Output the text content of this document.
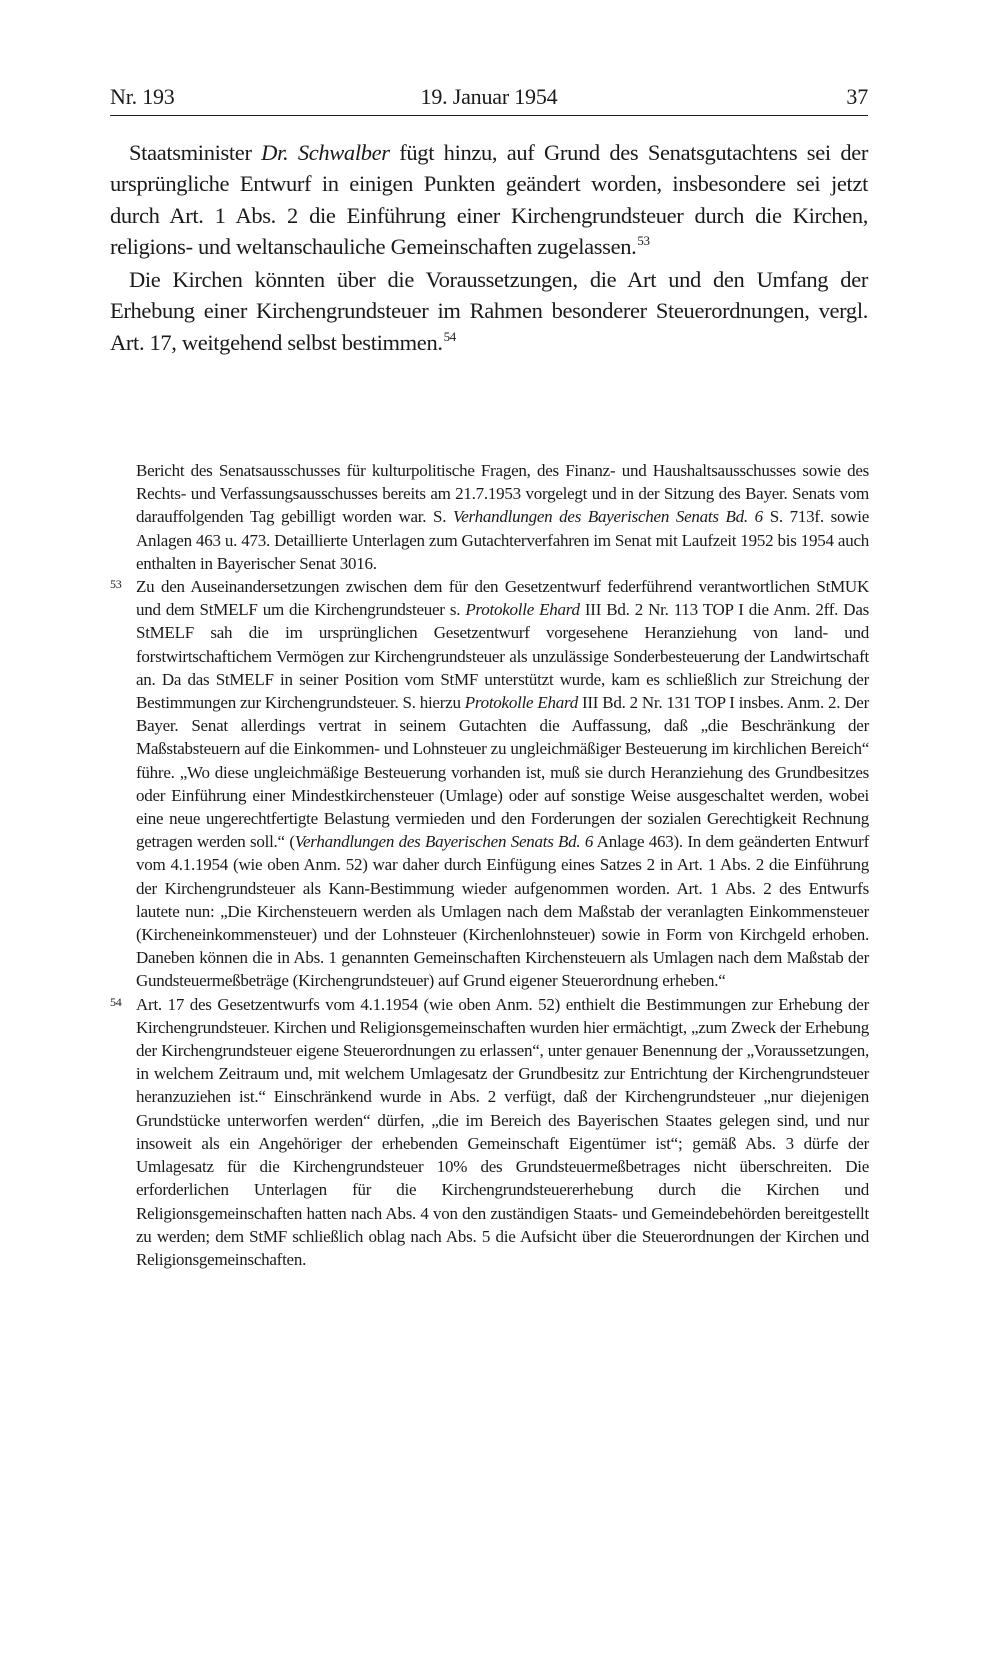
Nr. 193	19. Januar 1954	37

Staatsminister Dr. Schwalber fügt hinzu, auf Grund des Senatsgutachtens sei der ursprüngliche Entwurf in einigen Punkten geändert worden, insbesondere sei jetzt durch Art. 1 Abs. 2 die Einführung einer Kirchengrundsteuer durch die Kirchen, religions- und weltanschauliche Gemeinschaften zugelassen.$^{53}$

Die Kirchen könnten über die Voraussetzungen, die Art und den Umfang der Erhebung einer Kirchengrundsteuer im Rahmen besonderer Steuerordnungen, vergl. Art. 17, weitgehend selbst bestimmen.$^{54}$

Bericht des Senatsausschusses für kulturpolitische Fragen, des Finanz- und Haushaltsausschusses sowie des Rechts- und Verfassungsausschusses bereits am 21.7.1953 vorgelegt und in der Sitzung des Bayer. Senats vom darauffolgenden Tag gebilligt worden war. S. Verhandlungen des Bayerischen Senats Bd. 6 S. 713f. sowie Anlagen 463 u. 473. Detaillierte Unterlagen zum Gutachterverfahren im Senat mit Laufzeit 1952 bis 1954 auch enthalten in Bayerischer Senat 3016.

53 Zu den Auseinandersetzungen zwischen dem für den Gesetzentwurf federführend verantwortlichen StMUK und dem StMELF um die Kirchengrundsteuer s. Protokolle Ehard III Bd. 2 Nr. 113 TOP I die Anm. 2ff. Das StMELF sah die im ursprünglichen Gesetzentwurf vorgesehene Heranziehung von land- und forstwirtschaftichem Vermögen zur Kirchengrundsteuer als unzulässige Sonderbesteuerung der Landwirtschaft an. Da das StMELF in seiner Position vom StMF unterstützt wurde, kam es schließlich zur Streichung der Bestimmungen zur Kirchengrundsteuer. S. hierzu Protokolle Ehard III Bd. 2 Nr. 131 TOP I insbes. Anm. 2. Der Bayer. Senat allerdings vertrat in seinem Gutachten die Auffassung, daß „die Beschränkung der Maßstabsteuern auf die Einkommen- und Lohnsteuer zu ungleichmäßiger Besteuerung im kirchlichen Bereich“ führe. „Wo diese ungleichmäßige Besteuerung vorhanden ist, muß sie durch Heranziehung des Grundbesitzes oder Einführung einer Mindestkirchensteuer (Umlage) oder auf sonstige Weise ausgeschaltet werden, wobei eine neue ungerechtfertigte Belastung vermieden und den Forderungen der sozialen Gerechtigkeit Rechnung getragen werden soll.“ (Verhandlungen des Bayerischen Senats Bd. 6 Anlage 463). In dem geänderten Entwurf vom 4.1.1954 (wie oben Anm. 52) war daher durch Einfügung eines Satzes 2 in Art. 1 Abs. 2 die Einführung der Kirchengrundsteuer als Kann-Bestimmung wieder aufgenommen worden. Art. 1 Abs. 2 des Entwurfs lautete nun: „Die Kirchensteuern werden als Umlagen nach dem Maßstab der veranlagten Einkommensteuer (Kircheneinkommensteuer) und der Lohnsteuer (Kirchenlohnsteuer) sowie in Form von Kirchgeld erhoben. Daneben können die in Abs. 1 genannten Gemeinschaften Kirchensteuern als Umlagen nach dem Maßstab der Gundsteuermeßbeträge (Kirchengrundsteuer) auf Grund eigener Steuerordnung erheben.“

54 Art. 17 des Gesetzentwurfs vom 4.1.1954 (wie oben Anm. 52) enthielt die Bestimmungen zur Erhebung der Kirchengrundsteuer. Kirchen und Religionsgemeinschaften wurden hier ermächtigt, „zum Zweck der Erhebung der Kirchengrundsteuer eigene Steuerordnungen zu erlassen“, unter genauer Benennung der „Voraussetzungen, in welchem Zeitraum und, mit welchem Umlagesatz der Grundbesitz zur Entrichtung der Kirchengrundsteuer heranzuziehen ist.“ Einschränkend wurde in Abs. 2 verfügt, daß der Kirchengrundsteuer „nur diejenigen Grundstücke unterworfen werden“ dürfen, „die im Bereich des Bayerischen Staates gelegen sind, und nur insoweit als ein Angehöriger der erhebenden Gemeinschaft Eigentümer ist“; gemäß Abs. 3 dürfe der Umlagesatz für die Kirchengrundsteuer 10% des Grundsteuermeßbetrages nicht überschreiten. Die erforderlichen Unterlagen für die Kirchengrundsteuererhebung durch die Kirchen und Religionsgemeinschaften hatten nach Abs. 4 von den zuständigen Staats- und Gemeindebehörden bereitgestellt zu werden; dem StMF schließlich oblag nach Abs. 5 die Aufsicht über die Steuerordnungen der Kirchen und Religionsgemeinschaften.
